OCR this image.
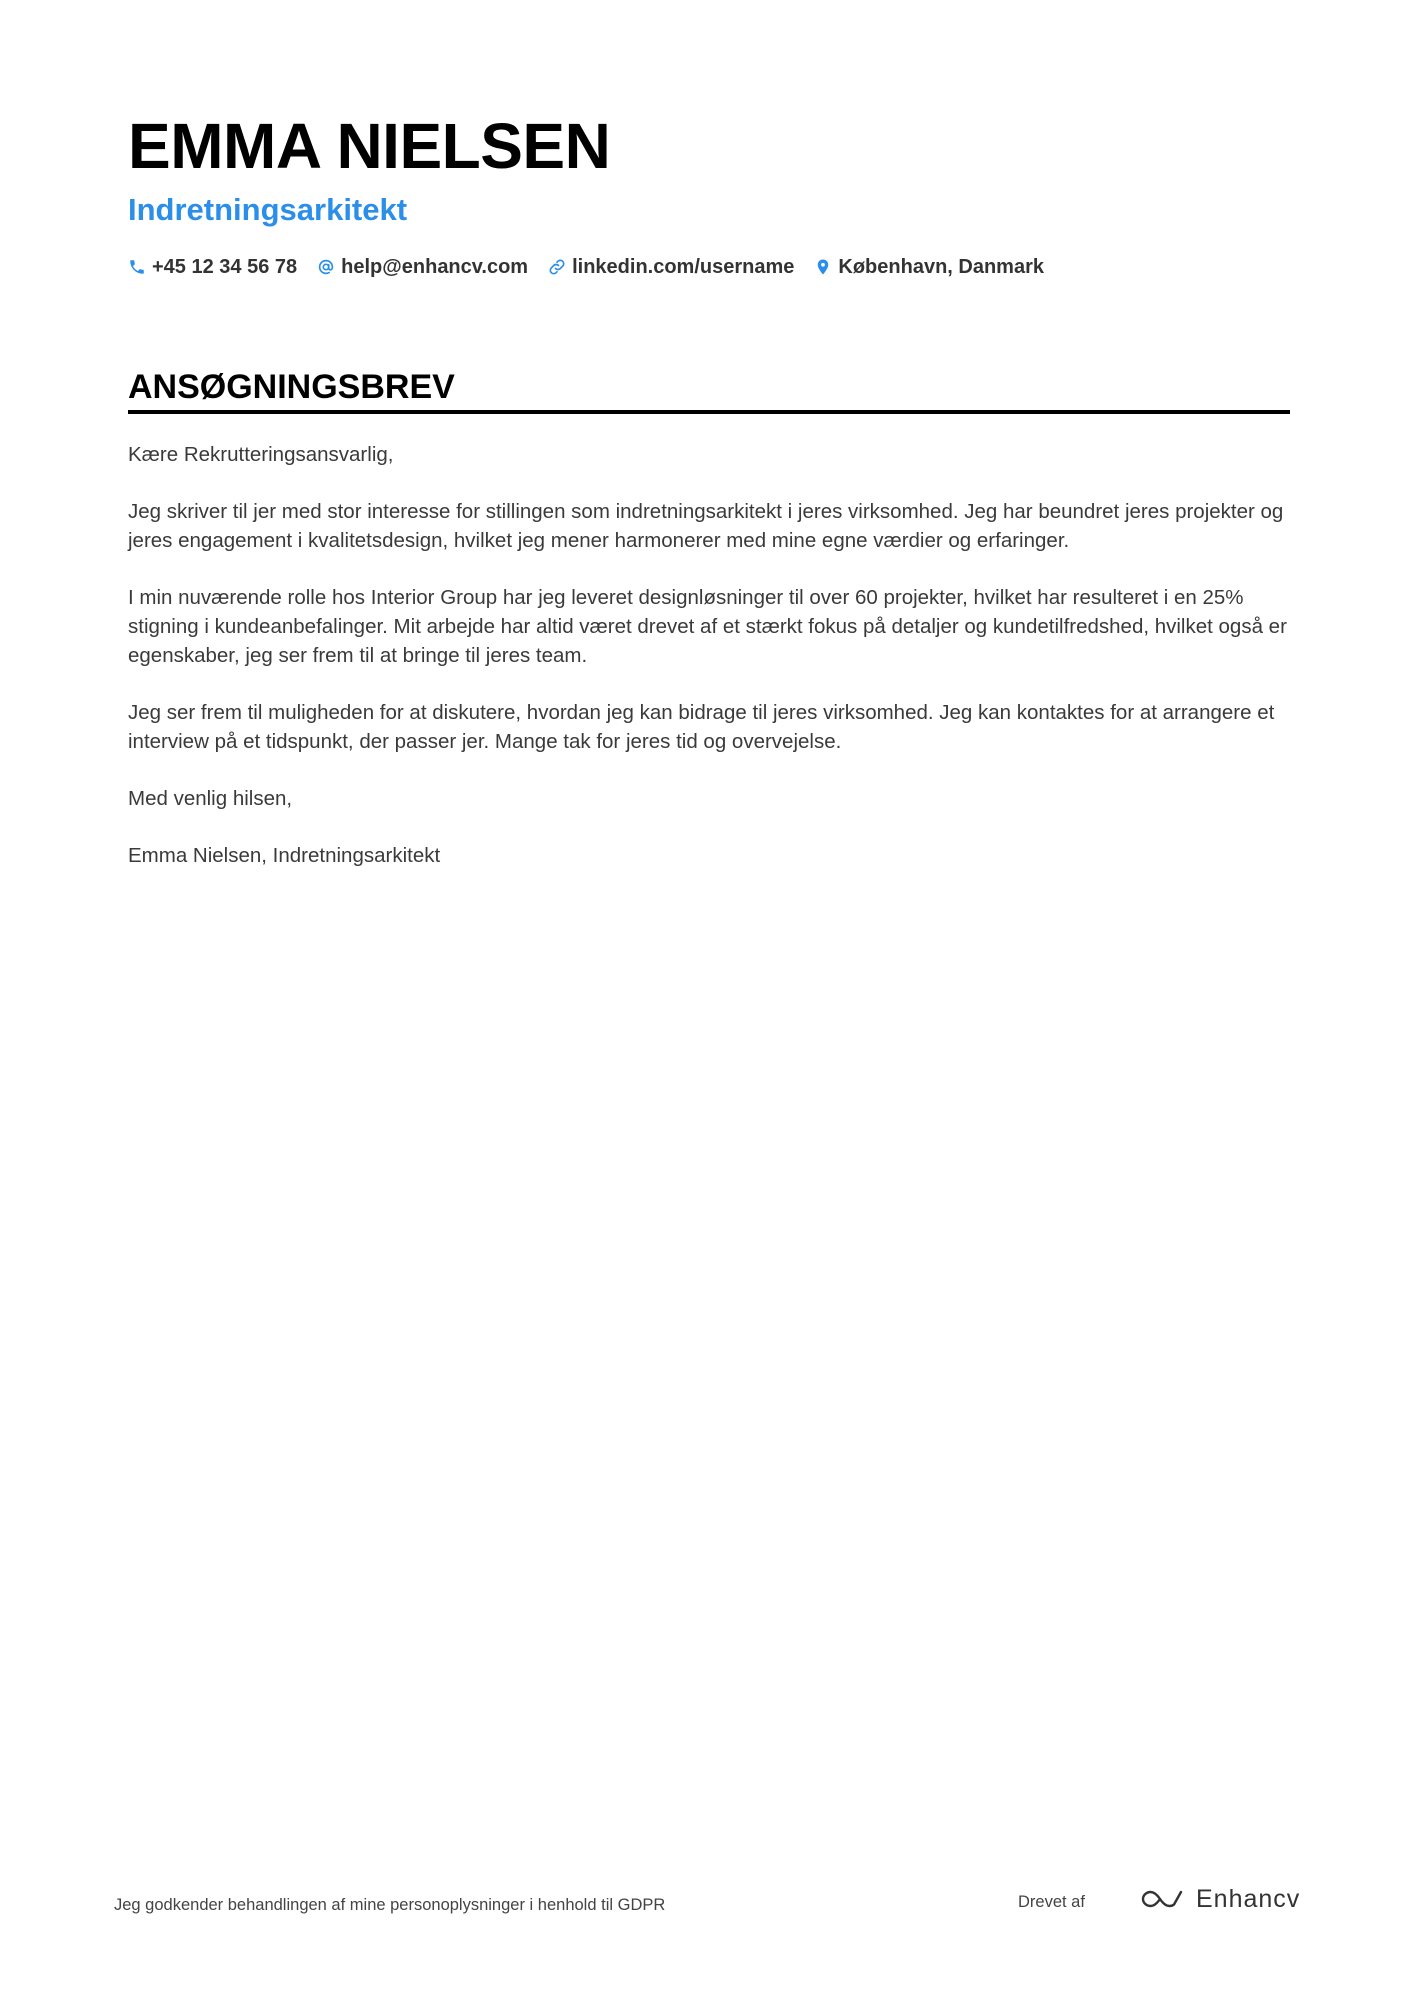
EMMA NIELSEN
Indretningsarkitekt
+45 12 34 56 78 help@enhancv.com linkedin.com/username København, Danmark
ANSØGNINGSBREV

Kære Rekrutteringsansvarlig,

Jeg skriver til jer med stor interesse for stillingen som indretningsarkitekt i jeres virksomhed. Jeg har beundret jeres projekter og jeres engagement i kvalitetsdesign, hvilket jeg mener harmonerer med mine egne værdier og erfaringer.

I min nuværende rolle hos Interior Group har jeg leveret designløsninger til over 60 projekter, hvilket har resulteret i en 25% stigning i kundeanbefalinger. Mit arbejde har altid været drevet af et stærkt fokus på detaljer og kundetilfredshed, hvilket også er egenskaber, jeg ser frem til at bringe til jeres team.

Jeg ser frem til muligheden for at diskutere, hvordan jeg kan bidrage til jeres virksomhed. Jeg kan kontaktes for at arrangere et interview på et tidspunkt, der passer jer. Mange tak for jeres tid og overvejelse.

Med venlig hilsen,

Emma Nielsen, Indretningsarkitekt

Jeg godkender behandlingen af mine personoplysninger i henhold til GDPR	Drevet af	Enhancv
